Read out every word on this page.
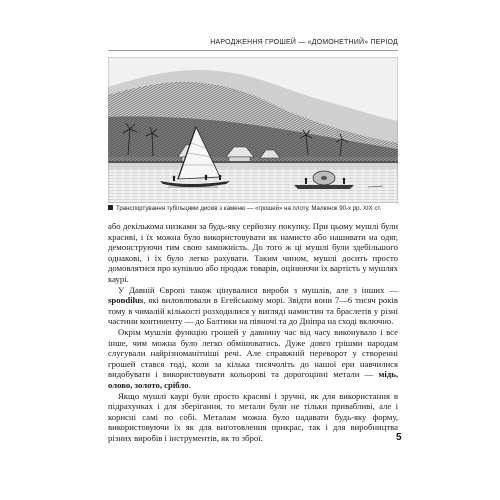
НАРОДЖЕННЯ ГРОШЕЙ — «ДОМОНЕТНИЙ» ПЕРІОД
Транспортування тубільцями дисків з каменю — «грошей» на плоту. Малюнок 90-х рр. XIX ст.

або декількома низками за будь-яку серйозну покупку. При цьому мушлі були красиві, і їх можна було використовувати як намисто або нашивати на одяг, демонструючи тим свою заможність. До того ж ці мушлі були здебільшого однакові, і їх було легко рахувати. Таким чином, мушлі досить просто домовлятися про купівлю або продаж товарів, оцінюючи їх вартість у мушлях каурі.

У Давній Європі також цінувалися вироби з мушлів, але з інших — spondilus, які виловлювали в Егейському морі. Звідти вони 7—6 тисяч років тому в чималій кількості розходилися у вигляді намистин та браслетів у різні частини континенту — до Балтики на півночі та до Дніпра на сході включно.

Окрім мушлів функцію грошей у давнину час від часу виконувало і все інше, чим можна було легко обмінюватись. Дуже довго грішми народам слугували найрізноманітніші речі. Але справжній переворот у створенні грошей стався тоді, коли за кілька тисячоліть до нашої ери навчилися видобувати і використовувати кольорові та дорогоцінні метали — мідь, олово, золото, срібло.

Якщо мушлі каурі були просто красиві і зручні, як для використання в підрахунках і для зберігання, то метали були не тільки привабливі, але і корисні самі по собі. Металам можна було надавати будь-яку форму, використовуючи їх як для виготовлення прикрас, так і для виробництва різних виробів і інструментів, як то зброї.	5
